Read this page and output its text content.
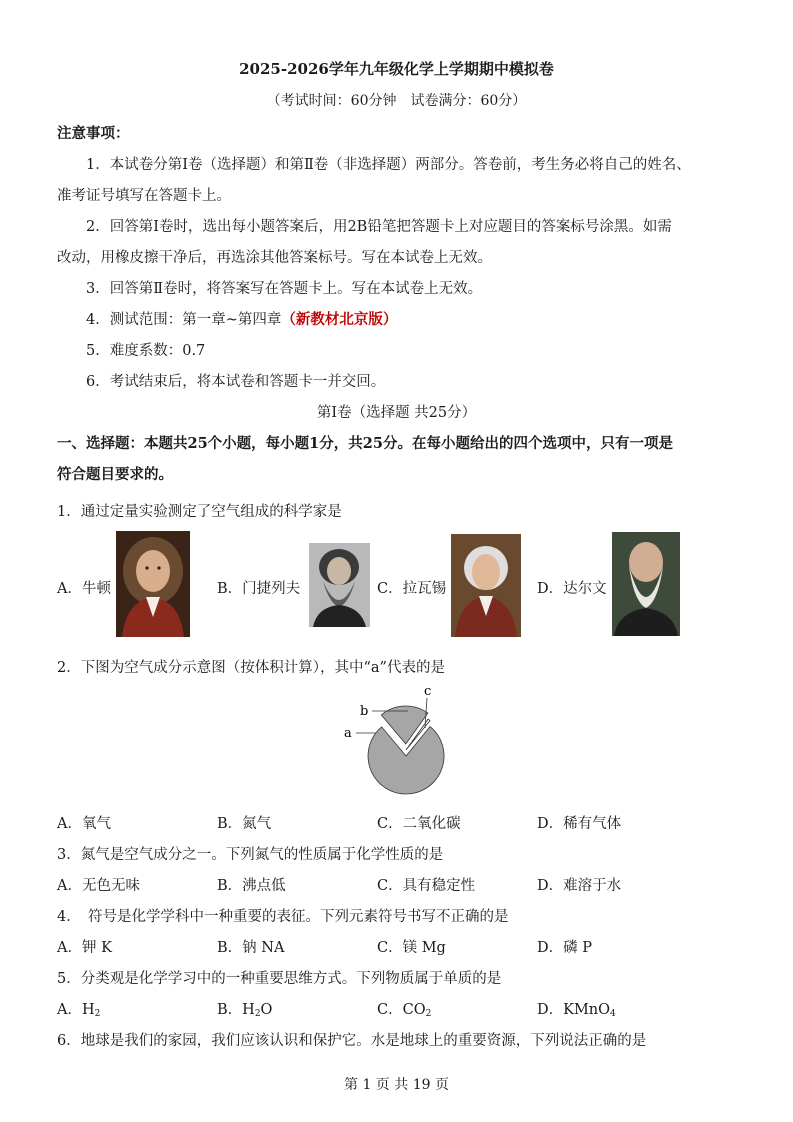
2025-2026学年九年级化学上学期期中模拟卷
（考试时间：60分钟　试卷满分：60分）
注意事项：
1．本试卷分第Ⅰ卷（选择题）和第Ⅱ卷（非选择题）两部分。答卷前，考生务必将自己的姓名、
准考证号填写在答题卡上。
2．回答第Ⅰ卷时，选出每小题答案后，用2B铅笔把答题卡上对应题目的答案标号涂黑。如需
改动，用橡皮擦干净后，再选涂其他答案标号。写在本试卷上无效。
3．回答第Ⅱ卷时，将答案写在答题卡上。写在本试卷上无效。
4．测试范围：第一章~第四章（新教材北京版）
5．难度系数：0.7
6．考试结束后，将本试卷和答题卡一并交回。
第Ⅰ卷（选择题 共25分）
一、选择题：本题共25个小题，每小题1分，共25分。在每小题给出的四个选项中，只有一项是
符合题目要求的。
1．通过定量实验测定了空气组成的科学家是
A．牛顿	B．门捷列夫	C．拉瓦锡	D．达尔文
2．下图为空气成分示意图（按体积计算），其中“a”代表的是
A．氧气	B．氮气	C．二氧化碳	D．稀有气体
a
b
c
3．氮气是空气成分之一。下列氮气的性质属于化学性质的是
A．无色无味	B．沸点低	C．具有稳定性	D．难溶于水
4．　符号是化学学科中一种重要的表征。下列元素符号书写不正确的是
A．钾 K	B．钠 NA	C．镁 Mg	D．磷 P
5．分类观是化学学习中的一种重要思维方式。下列物质属于单质的是
A．$H_2$	B．$H_2O$	C．$CO_2$	D．KMnO$_4$
6．地球是我们的家园，我们应该认识和保护它。水是地球上的重要资源，下列说法正确的是
第 1 页 共 19 页
